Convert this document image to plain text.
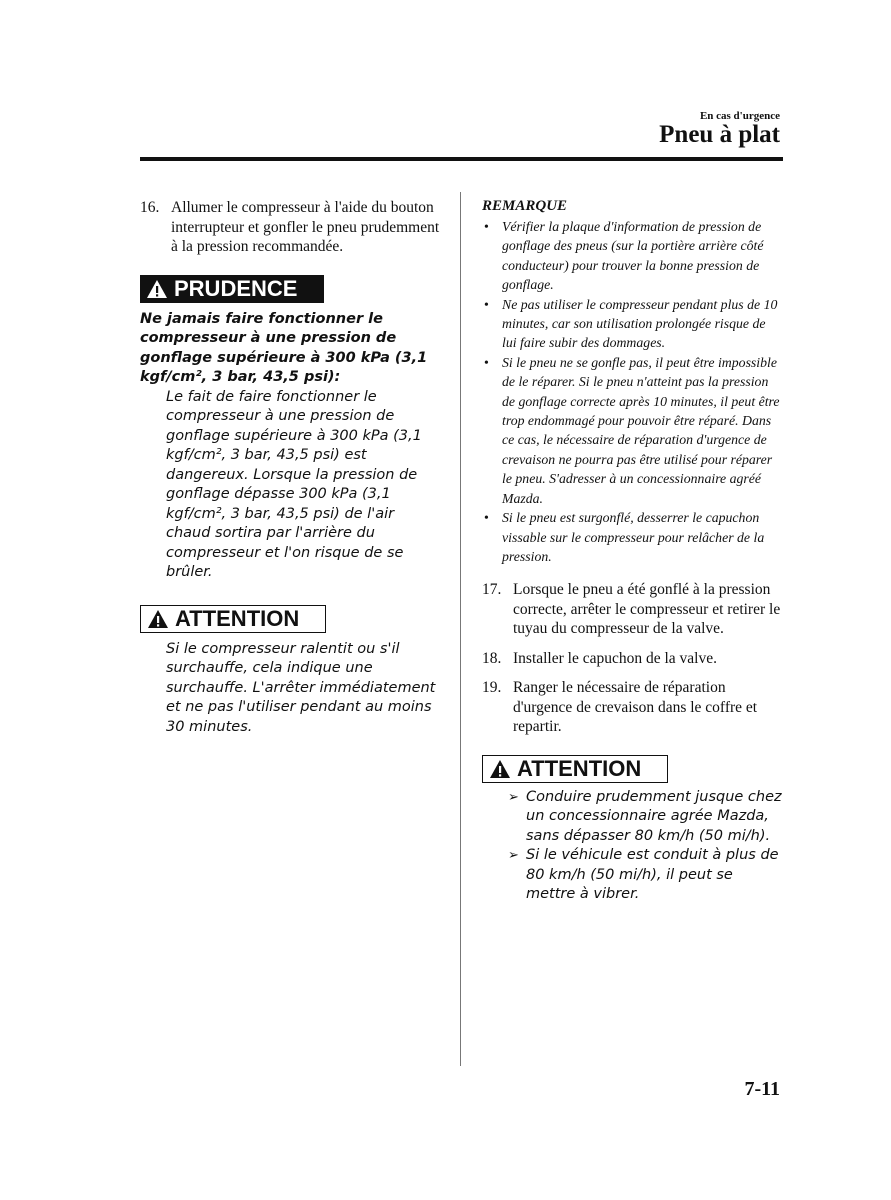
En cas d'urgence
Pneu à plat
16. Allumer le compresseur à l'aide du bouton interrupteur et gonfler le pneu prudemment à la pression recommandée.
PRUDENCE
Ne jamais faire fonctionner le compresseur à une pression de gonflage supérieure à 300 kPa (3,1 kgf/cm², 3 bar, 43,5 psi):
Le fait de faire fonctionner le compresseur à une pression de gonflage supérieure à 300 kPa (3,1 kgf/cm², 3 bar, 43,5 psi) est dangereux. Lorsque la pression de gonflage dépasse 300 kPa (3,1 kgf/cm², 3 bar, 43,5 psi) de l'air chaud sortira par l'arrière du compresseur et l'on risque de se brûler.
ATTENTION
Si le compresseur ralentit ou s'il surchauffe, cela indique une surchauffe. L'arrêter immédiatement et ne pas l'utiliser pendant au moins 30 minutes.
REMARQUE
• Vérifier la plaque d'information de pression de gonflage des pneus (sur la portière arrière côté conducteur) pour trouver la bonne pression de gonflage.
• Ne pas utiliser le compresseur pendant plus de 10 minutes, car son utilisation prolongée risque de lui faire subir des dommages.
• Si le pneu ne se gonfle pas, il peut être impossible de le réparer. Si le pneu n'atteint pas la pression de gonflage correcte après 10 minutes, il peut être trop endommagé pour pouvoir être réparé. Dans ce cas, le nécessaire de réparation d'urgence de crevaison ne pourra pas être utilisé pour réparer le pneu. S'adresser à un concessionnaire agréé Mazda.
• Si le pneu est surgonflé, desserrer le capuchon vissable sur le compresseur pour relâcher de la pression.
17. Lorsque le pneu a été gonflé à la pression correcte, arrêter le compresseur et retirer le tuyau du compresseur de la valve.
18. Installer le capuchon de la valve.
19. Ranger le nécessaire de réparation d'urgence de crevaison dans le coffre et repartir.
ATTENTION
➢ Conduire prudemment jusque chez un concessionnaire agrée Mazda, sans dépasser 80 km/h (50 mi/h).
➢ Si le véhicule est conduit à plus de 80 km/h (50 mi/h), il peut se mettre à vibrer.
7-11
